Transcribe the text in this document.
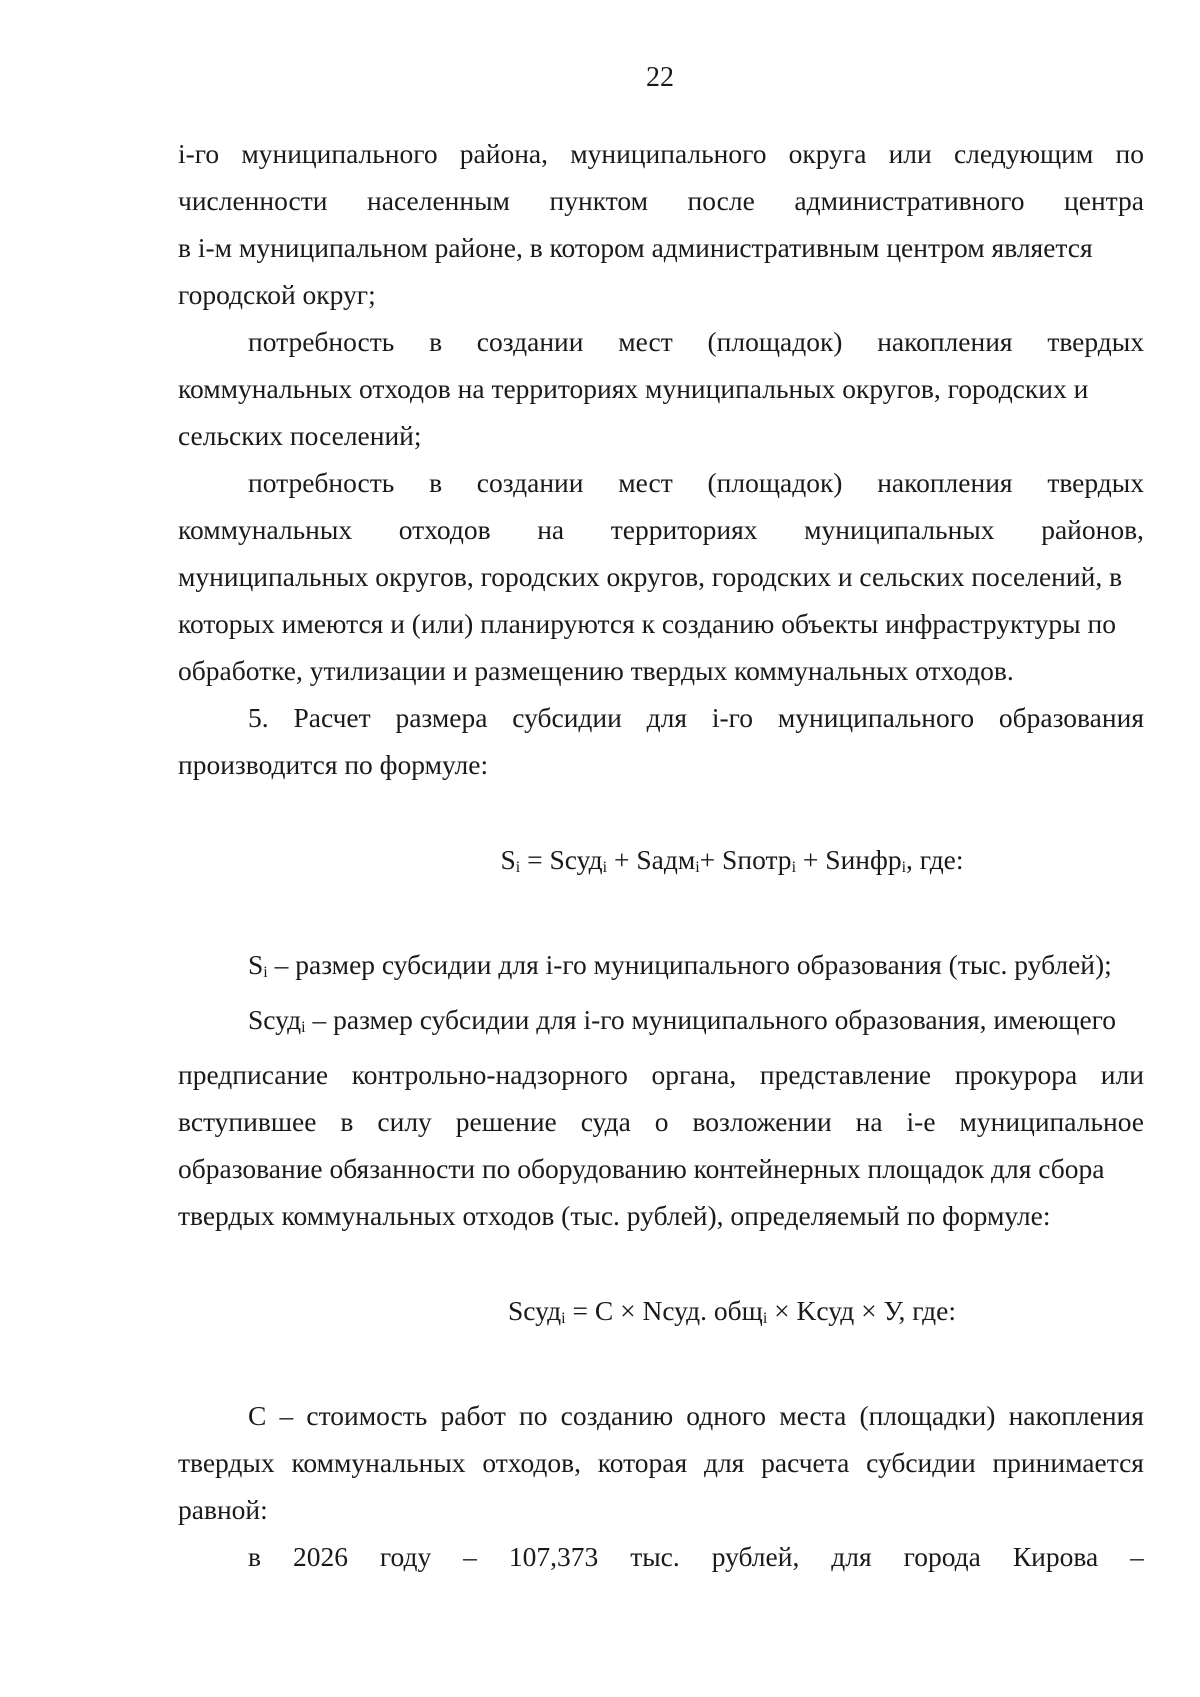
22
i-го муниципального района, муниципального округа или следующим по
численности населенным пунктом после административного центра
в i-м муниципальном районе, в котором административным центром является
городской округ;
потребность в создании мест (площадок) накопления твердых
коммунальных отходов на территориях муниципальных округов, городских и
сельских поселений;
потребность в создании мест (площадок) накопления твердых
коммунальных отходов на территориях муниципальных районов,
муниципальных округов, городских округов, городских и сельских поселений, в
которых имеются и (или) планируются к созданию объекты инфраструктуры по
обработке, утилизации и размещению твердых коммунальных отходов.
5. Расчет размера субсидии для i-го муниципального образования
производится по формуле:
$S_i$ = Sсуд$_i$ + Sадм$_i$+ Sпотр$_i$ + Sинфр$_i$, где:
$S_i$ – размер субсидии для i-го муниципального образования (тыс. рублей);
Sсуд$_i$ – размер субсидии для i-го муниципального образования, имеющего
предписание контрольно-надзорного органа, представление прокурора или
вступившее в силу решение суда о возложении на i-е муниципальное
образование обязанности по оборудованию контейнерных площадок для сбора
твердых коммунальных отходов (тыс. рублей), определяемый по формуле:
Sсуд$_i$ = С × Nсуд. общ$_i$ × Kсуд × У, где:
С – стоимость работ по созданию одного места (площадки) накопления
твердых коммунальных отходов, которая для расчета субсидии принимается
равной:
в 2026 году – 107,373 тыс. рублей, для города Кирова –
